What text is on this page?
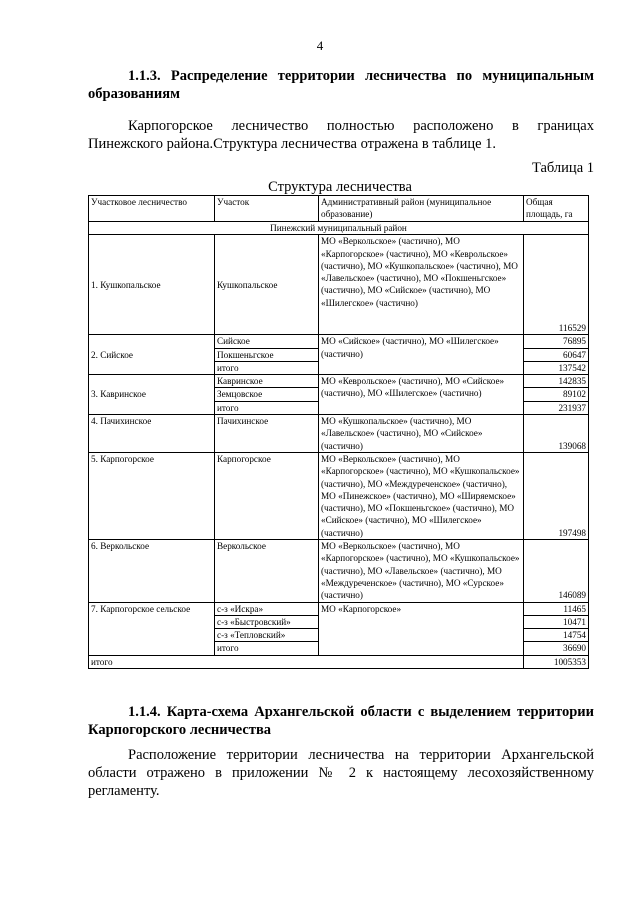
4
1.1.3. Распределение территории лесничества по муниципальным образованиям
Карпогорское лесничество полностью расположено в границах Пинежского района.Структура лесничества отражена в таблице 1.
Таблица 1
Структура лесничества
Участковое лесничество	Участок	Административный район (муниципальное образование)	Общая площадь, га
Пинежский муниципальный район			
1. Кушкопальское	Кушкопальское	МО «Веркольское» (частично), МО «Карпогорское» (частично), МО «Кеврольское» (частично), МО «Кушкопальское» (частично), МО «Лавельское» (частично), МО «Покшеньгское» (частично), МО «Сийское» (частично), МО «Шилегское» (частично)	116529
2. Сийское	Сийское	МО «Сийское» (частично), МО «Шилегское» (частично)	76895
	Покшеньгское		60647
	итого		137542
3. Кавринское	Кавринское	МО «Кеврольское» (частично), МО «Сийское» (частично), МО «Шилегское» (частично)	142835
	Земцовское		89102
	итого		231937
4. Пачихинское	Пачихинское	МО «Кушкопальское» (частично), МО «Лавельское» (частично), МО «Сийское» (частично)	139068
5. Карпогорское	Карпогорское	МО «Веркольское» (частично), МО «Карпогорское» (частично), МО «Кушкопальское» (частично), МО «Междуреченское» (частично), МО «Пинежское» (частично), МО «Ширяемское» (частично), МО «Покшеньгское» (частично), МО «Сийское» (частично), МО «Шилегское» (частично)	197498
6. Веркольское	Веркольское	МО «Веркольское» (частично), МО «Карпогорское» (частично), МО «Кушкопальское» (частично), МО «Лавельское» (частично), МО «Междуреченское» (частично), МО «Сурское» (частично)	146089
7. Карпогорское сельское	с-з «Искра»	МО «Карпогорское»	11465
	с-з «Быстровский»		10471
	с-з «Тепловский»		14754
	итого		36690
итого			1005353
1.1.4. Карта-схема Архангельской области с выделением территории Карпогорского лесничества
Расположение территории лесничества на территории Архангельской области отражено в приложении № 2 к настоящему лесохозяйственному регламенту.
